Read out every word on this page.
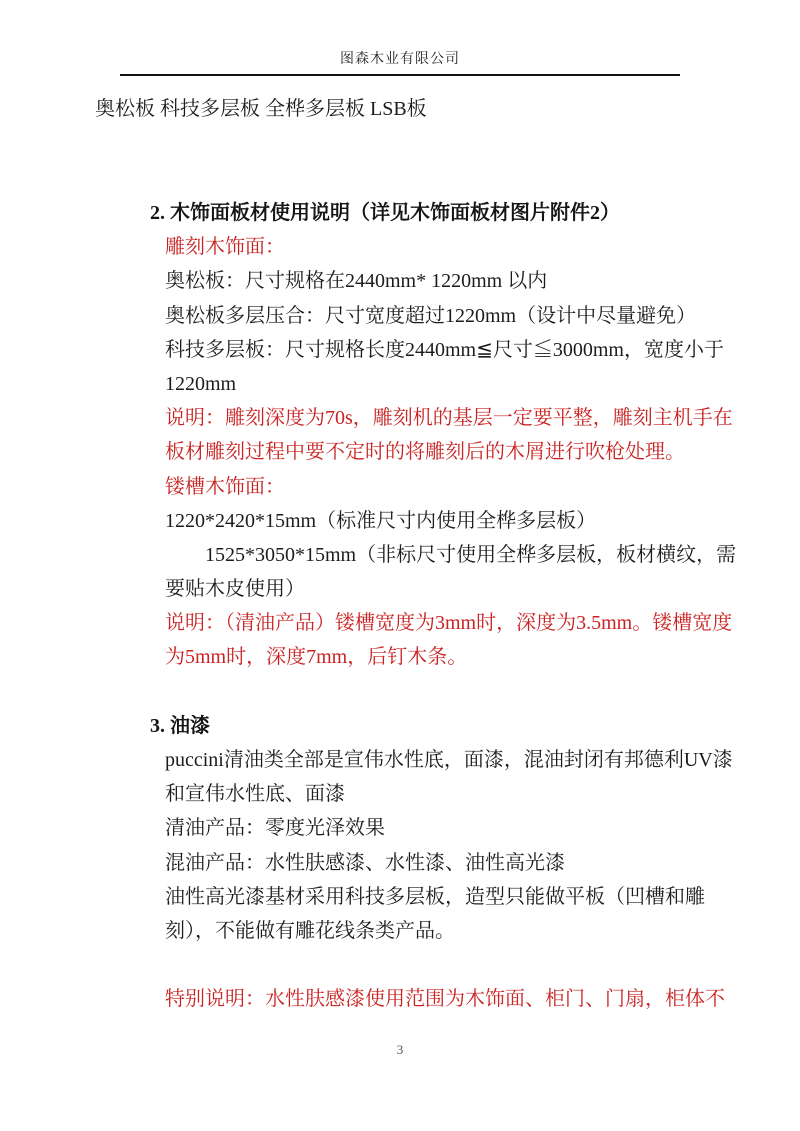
图森木业有限公司
奥松板 科技多层板 全桦多层板 LSB板
2. 木饰面板材使用说明（详见木饰面板材图片附件2）
雕刻木饰面：
奥松板：尺寸规格在2440mm* 1220mm 以内
奥松板多层压合：尺寸宽度超过1220mm（设计中尽量避免）
科技多层板：尺寸规格长度2440mm≦尺寸≦3000mm，宽度小于
1220mm
说明：雕刻深度为70s，雕刻机的基层一定要平整，雕刻主机手在
板材雕刻过程中要不定时的将雕刻后的木屑进行吹枪处理。
镂槽木饰面：
1220*2420*15mm（标准尺寸内使用全桦多层板）
1525*3050*15mm（非标尺寸使用全桦多层板，板材横纹，需
要贴木皮使用）
说明：（清油产品）镂槽宽度为3mm时，深度为3.5mm。镂槽宽度
为5mm时，深度7mm，后钉木条。
3. 油漆
puccini清油类全部是宣伟水性底，面漆，混油封闭有邦德利UV漆
和宣伟水性底、面漆
清油产品：零度光泽效果
混油产品：水性肤感漆、水性漆、油性高光漆
油性高光漆基材采用科技多层板，造型只能做平板（凹槽和雕
刻），不能做有雕花线条类产品。
特别说明：水性肤感漆使用范围为木饰面、柜门、门扇，柜体不
3
